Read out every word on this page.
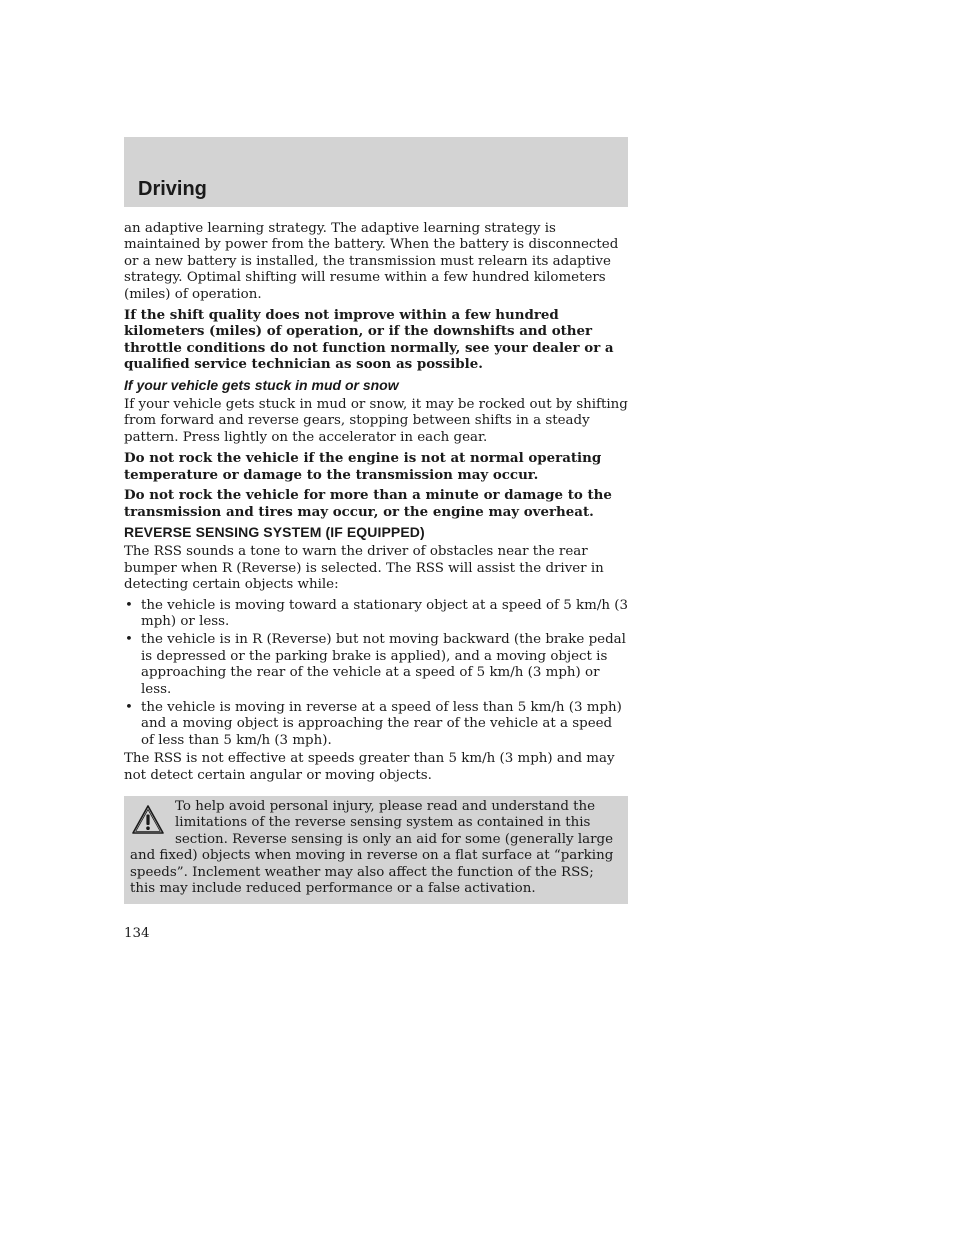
Driving

an adaptive learning strategy. The adaptive learning strategy is maintained by power from the battery. When the battery is disconnected or a new battery is installed, the transmission must relearn its adaptive strategy. Optimal shifting will resume within a few hundred kilometers (miles) of operation.

If the shift quality does not improve within a few hundred kilometers (miles) of operation, or if the downshifts and other throttle conditions do not function normally, see your dealer or a qualified service technician as soon as possible.

If your vehicle gets stuck in mud or snow

If your vehicle gets stuck in mud or snow, it may be rocked out by shifting from forward and reverse gears, stopping between shifts in a steady pattern. Press lightly on the accelerator in each gear.

Do not rock the vehicle if the engine is not at normal operating temperature or damage to the transmission may occur.

Do not rock the vehicle for more than a minute or damage to the transmission and tires may occur, or the engine may overheat.

REVERSE SENSING SYSTEM (IF EQUIPPED)

The RSS sounds a tone to warn the driver of obstacles near the rear bumper when R (Reverse) is selected. The RSS will assist the driver in detecting certain objects while:

• the vehicle is moving toward a stationary object at a speed of 5 km/h (3 mph) or less.
• the vehicle is in R (Reverse) but not moving backward (the brake pedal is depressed or the parking brake is applied), and a moving object is approaching the rear of the vehicle at a speed of 5 km/h (3 mph) or less.
• the vehicle is moving in reverse at a speed of less than 5 km/h (3 mph) and a moving object is approaching the rear of the vehicle at a speed of less than 5 km/h (3 mph).

The RSS is not effective at speeds greater than 5 km/h (3 mph) and may not detect certain angular or moving objects.

To help avoid personal injury, please read and understand the limitations of the reverse sensing system as contained in this section. Reverse sensing is only an aid for some (generally large and fixed) objects when moving in reverse on a flat surface at “parking speeds”. Inclement weather may also affect the function of the RSS; this may include reduced performance or a false activation.
134
